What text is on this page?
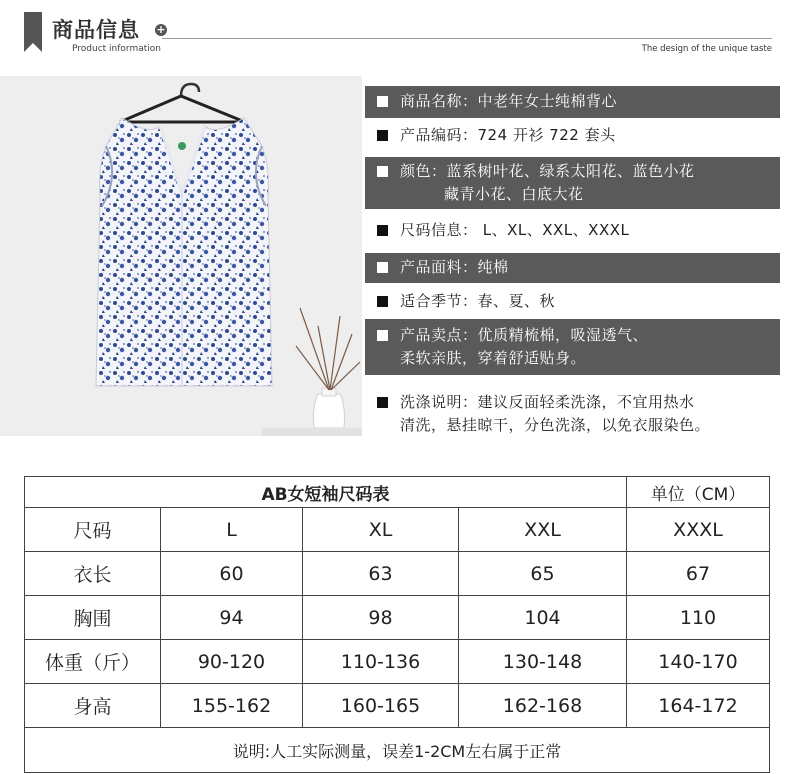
商品信息 +
Product information	The design of the unique taste
商品名称：中老年女士纯棉背心
产品编码：724 开衫 722 套头
颜色：蓝系树叶花、绿系太阳花、蓝色小花
藏青小花、白底大花
尺码信息： L、XL、XXL、XXXL
产品面料：纯棉
适合季节：春、夏、秋
产品卖点：优质精梳棉，吸湿透气、
柔软亲肤，穿着舒适贴身。
洗涤说明：建议反面轻柔洗涤，不宜用热水
清洗，悬挂晾干，分色洗涤，以免衣服染色。
AB女短袖尺码表				单位（CM）
尺码	L	XL	XXL	XXXL
衣长	60	63	65	67
胸围	94	98	104	110
体重（斤）	90-120	110-136	130-148	140-170
身高	155-162	160-165	162-168	164-172
说明:人工实际测量，误差1-2CM左右属于正常				
